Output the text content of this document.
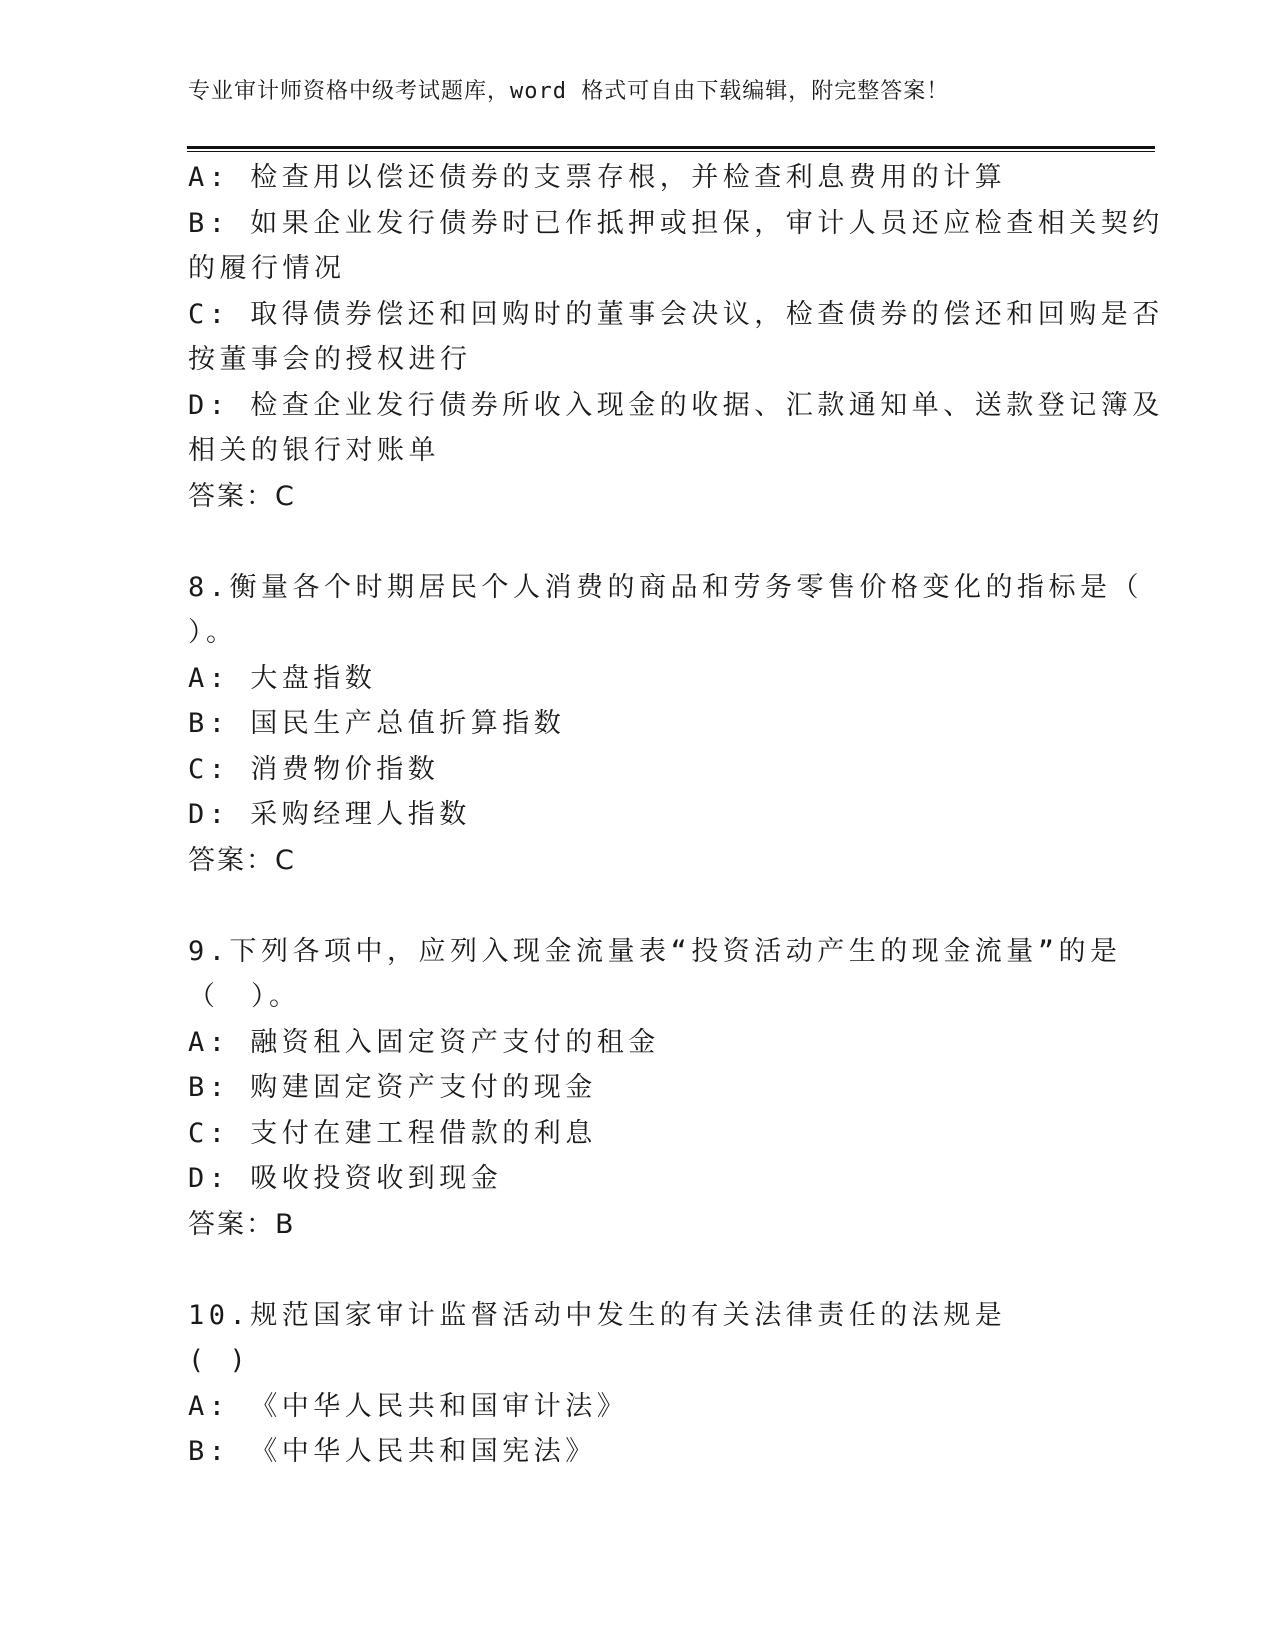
专业审计师资格中级考试题库，word 格式可自由下载编辑，附完整答案！
A: 检查用以偿还债券的支票存根，并检查利息费用的计算
B: 如果企业发行债券时已作抵押或担保，审计人员还应检查相关契约
的履行情况
C: 取得债券偿还和回购时的董事会决议，检查债券的偿还和回购是否
按董事会的授权进行
D: 检查企业发行债券所收入现金的收据、汇款通知单、送款登记簿及
相关的银行对账单
答案：C
8.衡量各个时期居民个人消费的商品和劳务零售价格变化的指标是（
）。
A: 大盘指数
B: 国民生产总值折算指数
C: 消费物价指数
D: 采购经理人指数
答案：C
9.下列各项中，应列入现金流量表“投资活动产生的现金流量”的是
（　）。
A: 融资租入固定资产支付的租金
B: 购建固定资产支付的现金
C: 支付在建工程借款的利息
D: 吸收投资收到现金
答案：B
10.规范国家审计监督活动中发生的有关法律责任的法规是
( )
A: 《中华人民共和国审计法》
B: 《中华人民共和国宪法》
